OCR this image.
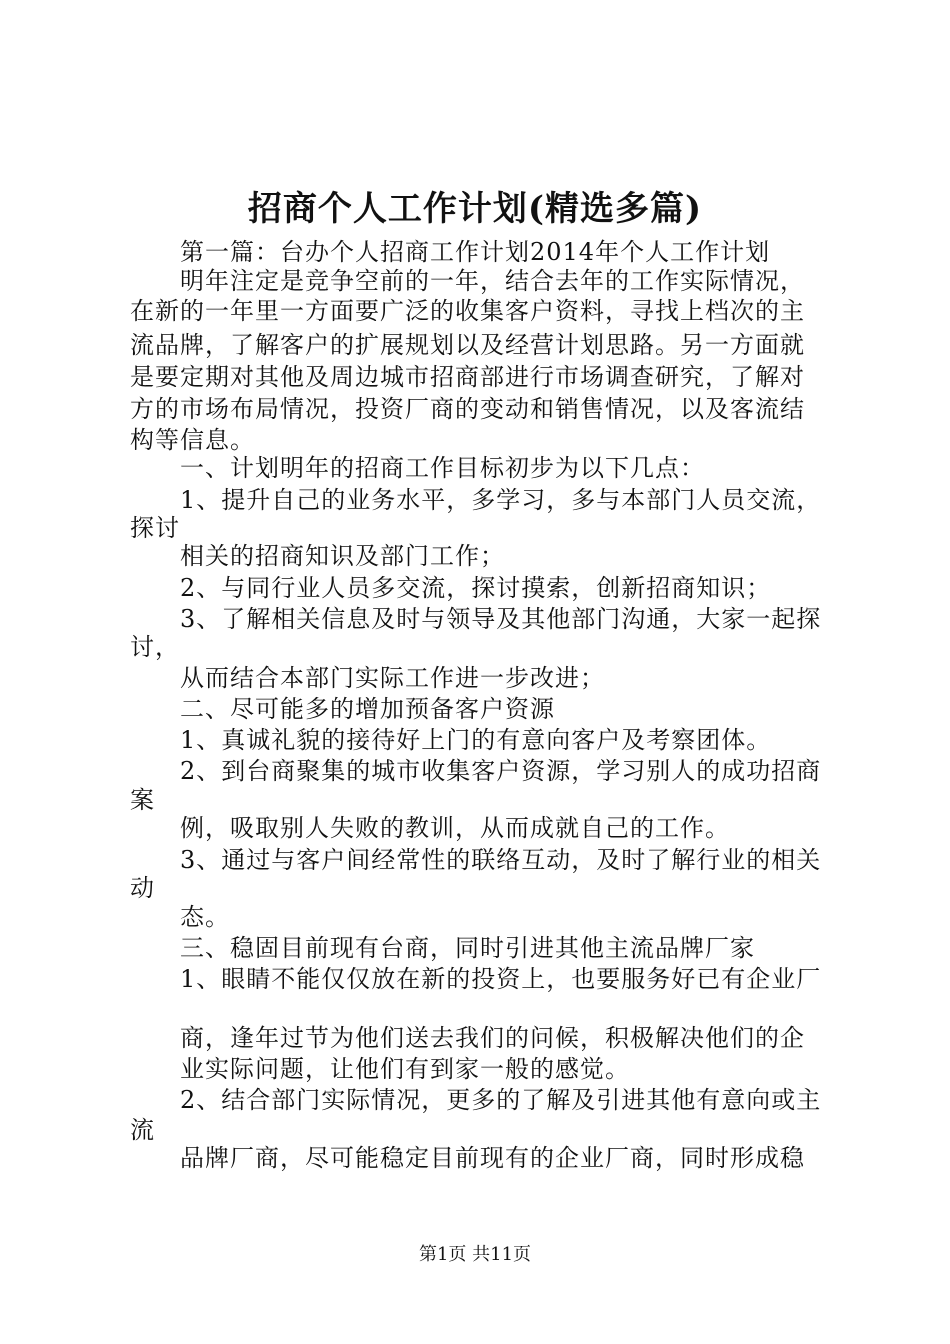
招商个人工作计划(精选多篇)
第一篇：台办个人招商工作计划2014年个人工作计划
明年注定是竞争空前的一年，结合去年的工作实际情况，
在新的一年里一方面要广泛的收集客户资料，寻找上档次的主
流品牌，了解客户的扩展规划以及经营计划思路。另一方面就
是要定期对其他及周边城市招商部进行市场调查研究，了解对
方的市场布局情况，投资厂商的变动和销售情况，以及客流结
构等信息。
一、计划明年的招商工作目标初步为以下几点：
1、提升自己的业务水平，多学习，多与本部门人员交流，
探讨
相关的招商知识及部门工作；
2、与同行业人员多交流，探讨摸索，创新招商知识；
3、了解相关信息及时与领导及其他部门沟通，大家一起探
讨，
从而结合本部门实际工作进一步改进；
二、尽可能多的增加预备客户资源
1、真诚礼貌的接待好上门的有意向客户及考察团体。
2、到台商聚集的城市收集客户资源，学习别人的成功招商
案
例，吸取别人失败的教训，从而成就自己的工作。
3、通过与客户间经常性的联络互动，及时了解行业的相关
动
态。
三、稳固目前现有台商，同时引进其他主流品牌厂家
1、眼睛不能仅仅放在新的投资上，也要服务好已有企业厂
商，逢年过节为他们送去我们的问候，积极解决他们的企
业实际问题，让他们有到家一般的感觉。
2、结合部门实际情况，更多的了解及引进其他有意向或主
流
品牌厂商，尽可能稳定目前现有的企业厂商，同时形成稳
第1页 共11页
